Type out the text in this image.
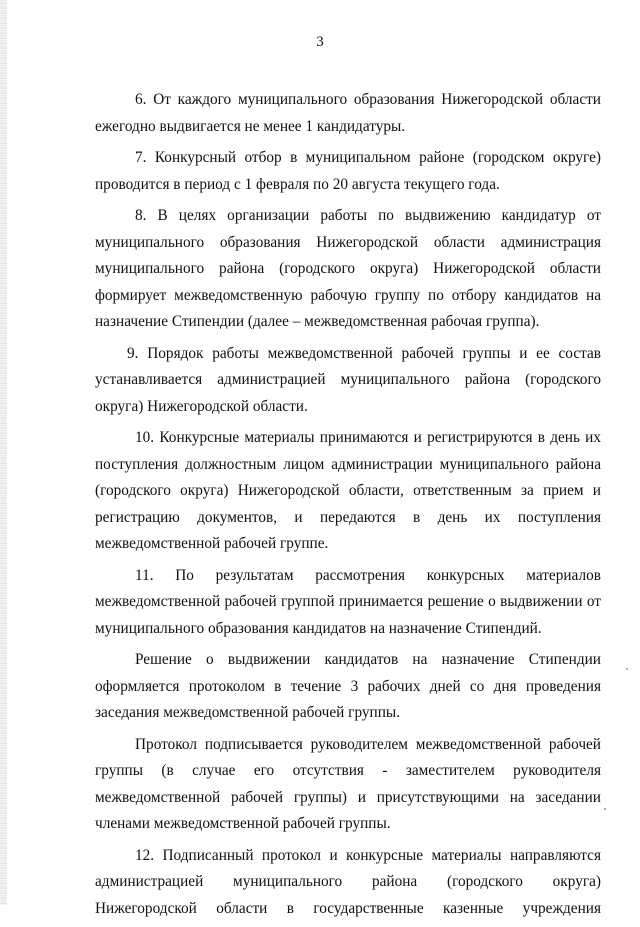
3

6. От каждого муниципального образования Нижегородской области ежегодно выдвигается не менее 1 кандидатуры.

7. Конкурсный отбор в муниципальном районе (городском округе) проводится в период с 1 февраля по 20 августа текущего года.

8. В целях организации работы по выдвижению кандидатур от муниципального образования Нижегородской области администрация муниципального района (городского округа) Нижегородской области формирует межведомственную рабочую группу по отбору кандидатов на назначение Стипендии (далее – межведомственная рабочая группа).

9. Порядок работы межведомственной рабочей группы и ее состав устанавливается администрацией муниципального района (городского округа) Нижегородской области.

10. Конкурсные материалы принимаются и регистрируются в день их поступления должностным лицом администрации муниципального района (городского округа) Нижегородской области, ответственным за прием и регистрацию документов, и передаются в день их поступления межведомственной рабочей группе.

11. По результатам рассмотрения конкурсных материалов межведомственной рабочей группой принимается решение о выдвижении от муниципального образования кандидатов на назначение Стипендий.

Решение о выдвижении кандидатов на назначение Стипендии оформляется протоколом в течение 3 рабочих дней со дня проведения заседания межведомственной рабочей группы.

Протокол подписывается руководителем межведомственной рабочей группы (в случае его отсутствия - заместителем руководителя межведомственной рабочей группы) и присутствующими на заседании членами межведомственной рабочей группы.

12. Подписанный протокол и конкурсные материалы направляются администрацией муниципального района (городского округа) Нижегородской области в государственные казенные учреждения
